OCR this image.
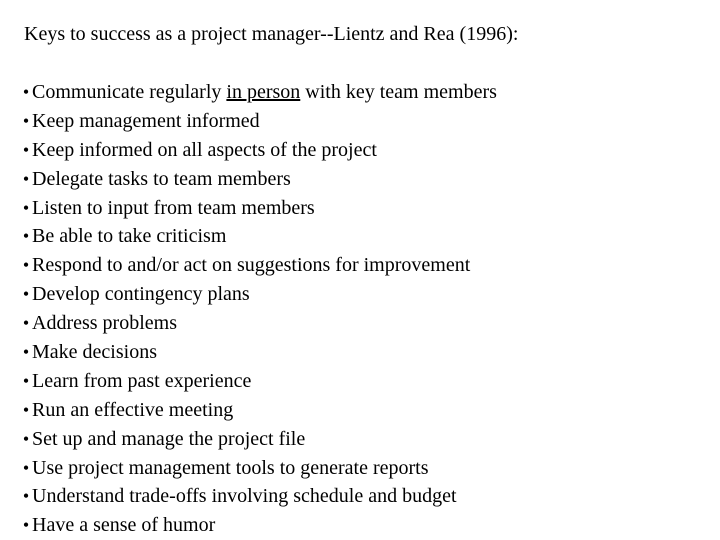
Keys to success as a project manager--Lientz and Rea (1996):
• Communicate regularly in person with key team members
• Keep management informed
• Keep informed on all aspects of the project
• Delegate tasks to team members
• Listen to input from team members
• Be able to take criticism
• Respond to and/or act on suggestions for improvement
• Develop contingency plans
• Address problems
• Make decisions
• Learn from past experience
• Run an effective meeting
• Set up and manage the project file
• Use project management tools to generate reports
• Understand trade-offs involving schedule and budget
• Have a sense of humor
